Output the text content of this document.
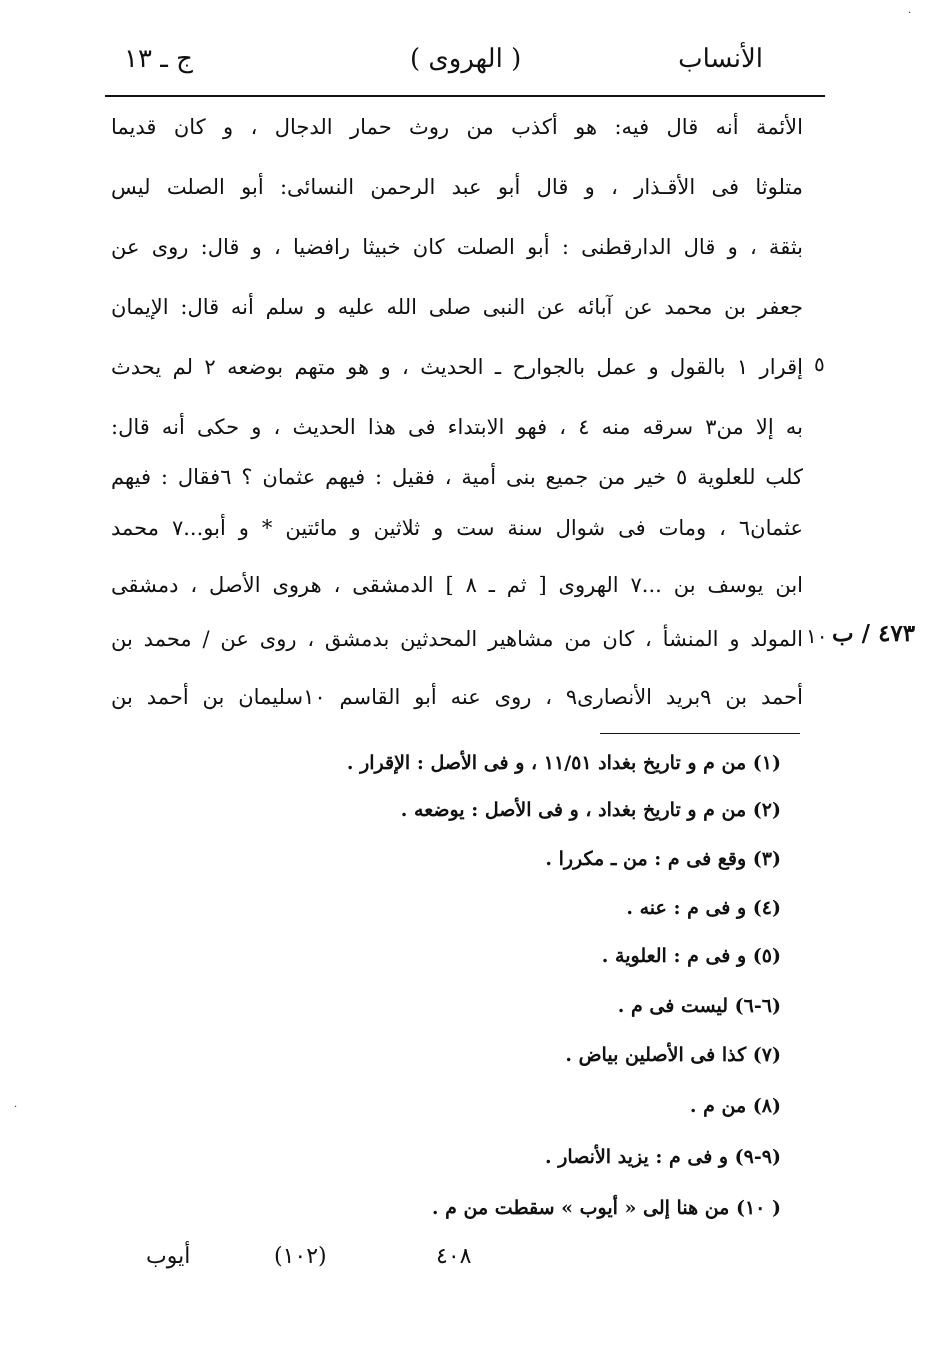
الأنساب
( الهروى )
ج ـ ١٣
الأئمة أنه قال فيه: هو أكذب من روث حمار الدجال ، و كان قديما
متلوثا فى الأقـذار ، و قال أبو عبد الرحمن النسائى: أبو الصلت ليس
بثقة ، و قال الدارقطنى : أبو الصلت كان خبيثا رافضيا ، و قال: روى عن
جعفر بن محمد عن آبائه عن النبى صلى الله عليه و سلم أنه قال: الإيمان
إقرار ١ بالقول و عمل بالجوارح ـ الحديث ، و هو متهم بوضعه ٢ لم يحدث
به إلا من٣ سرقه منه ٤ ، فهو الابتداء فى هذا الحديث ، و حكى أنه قال:
كلب للعلوية ٥ خير من جميع بنى أمية ، فقيل : فيهم عثمان ؟ ٦فقال : فيهم
عثمان٦ ، ومات فى شوال سنة ست و ثلاثين و مائتين * و أبو...٧ محمد
ابن يوسف بن ...٧ الهروى [ ثم ـ ٨ ] الدمشقى ، هروى الأصل ، دمشقى
المولد و المنشأ ، كان من مشاهير المحدثين بدمشق ، روى عن / محمد بن
أحمد بن ٩بريد الأنصارى٩ ، روى عنه أبو القاسم ١٠سليمان بن أحمد بن
٥
١٠ ٤٧٣ / ب
(١) من م و تاريخ بغداد ١١/٥١ ، و فى الأصل : الإقرار .
(٢) من م و تاريخ بغداد ، و فى الأصل : يوضعه .
(٣) وقع فى م : من ـ مكررا .
(٤) و فى م : عنه .
(٥) و فى م : العلوية .
(٦-٦) ليست فى م .
(٧) كذا فى الأصلين بياض .
(٨) من م .
(٩-٩) و فى م : يزيد الأنصار .
( ١٠) من هنا إلى « أيوب » سقطت من م .
٤٠٨
(١٠٢)
أيوب
·
·
